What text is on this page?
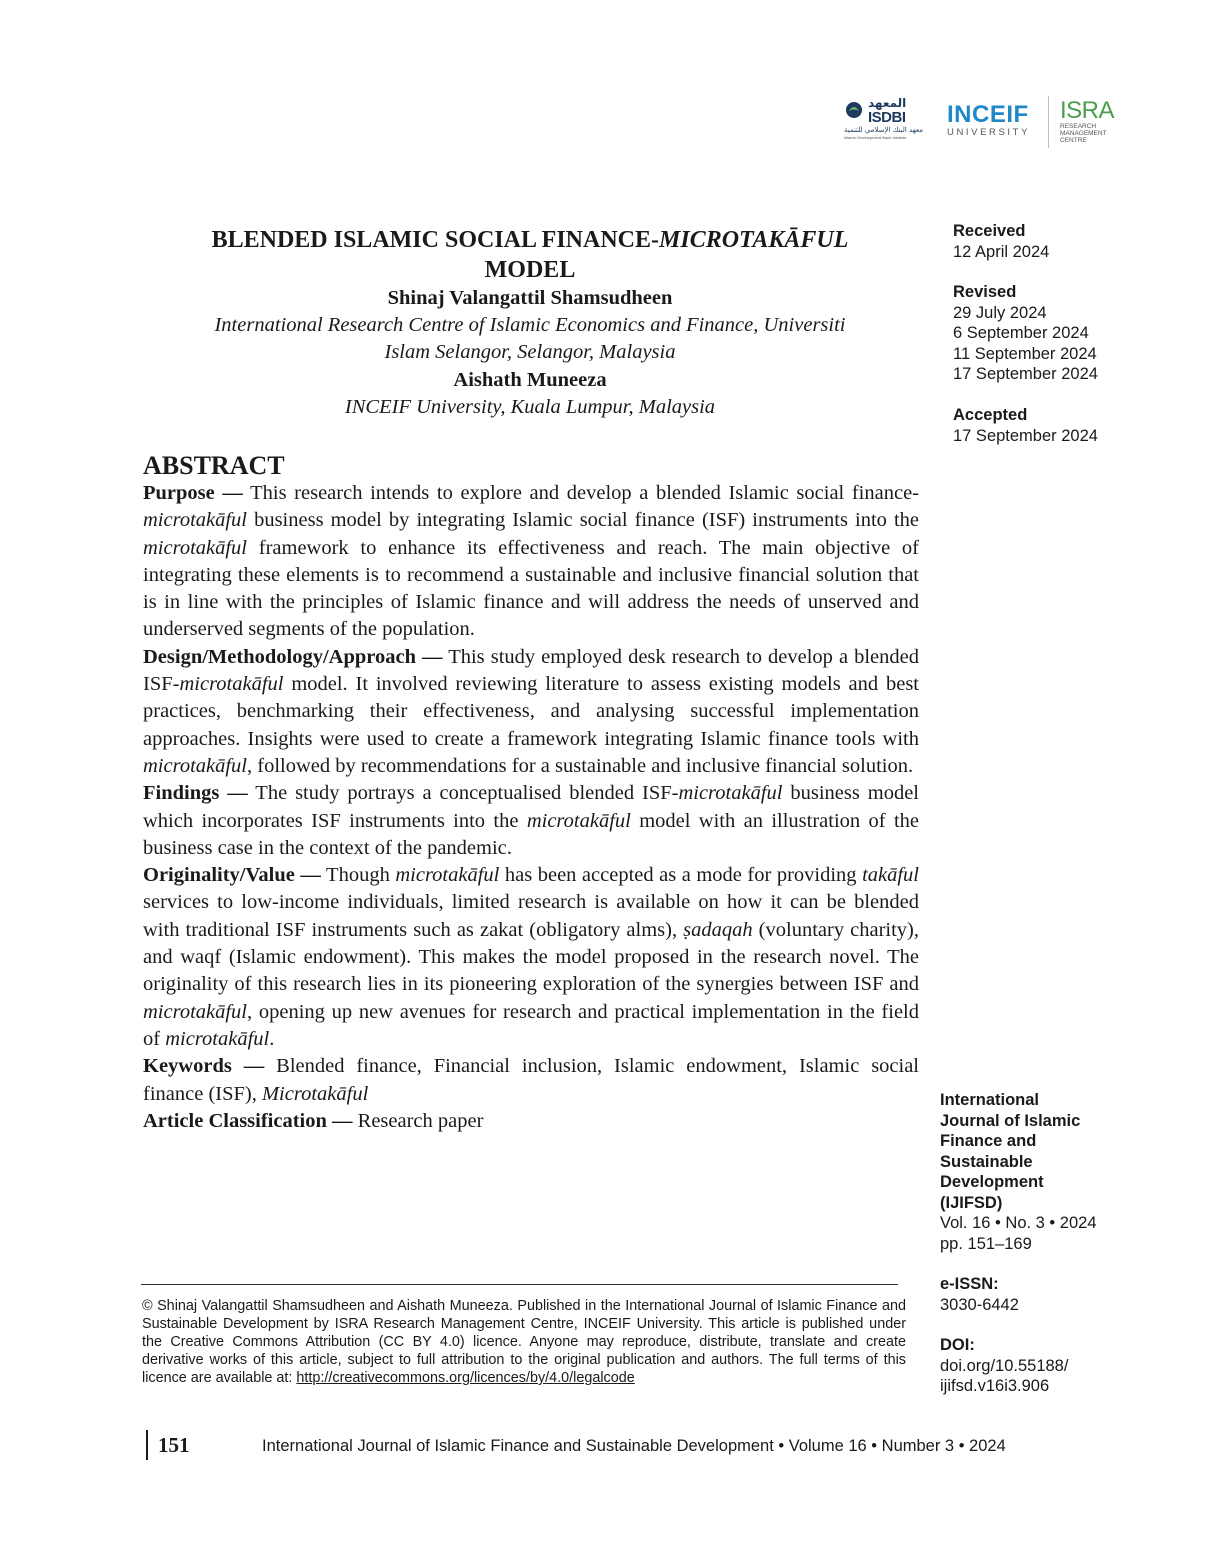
المعهد
ISDBI
معهد البنك الإسلامي للتنمية
Islamic Development Bank Institute
INCEIF
UNIVERSITY
ISRA
RESEARCH
MANAGEMENT
CENTRE
BLENDED ISLAMIC SOCIAL FINANCE-MICROTAKĀFUL
MODEL
Shinaj Valangattil Shamsudheen
International Research Centre of Islamic Economics and Finance, Universiti
Islam Selangor, Selangor, Malaysia
Aishath Muneeza
INCEIF University, Kuala Lumpur, Malaysia
Received
12 April 2024
Revised
29 July 2024
6 September 2024
11 September 2024
17 September 2024
Accepted
17 September 2024
ABSTRACT

Purpose — This research intends to explore and develop a blended Islamic social finance-microtakāful business model by integrating Islamic social finance (ISF) instruments into the microtakāful framework to enhance its effectiveness and reach. The main objective of integrating these elements is to recommend a sustainable and inclusive financial solution that is in line with the principles of Islamic finance and will address the needs of unserved and underserved segments of the population.

Design/Methodology/Approach — This study employed desk research to develop a blended ISF-microtakāful model. It involved reviewing literature to assess existing models and best practices, benchmarking their effectiveness, and analysing successful implementation approaches. Insights were used to create a framework integrating Islamic finance tools with microtakāful, followed by recommendations for a sustainable and inclusive financial solution.

Findings — The study portrays a conceptualised blended ISF-microtakāful business model which incorporates ISF instruments into the microtakāful model with an illustration of the business case in the context of the pandemic.

Originality/Value — Though microtakāful has been accepted as a mode for providing takāful services to low-income individuals, limited research is available on how it can be blended with traditional ISF instruments such as zakat (obligatory alms), ṣadaqah (voluntary charity), and waqf (Islamic endowment). This makes the model proposed in the research novel. The originality of this research lies in its pioneering exploration of the synergies between ISF and microtakāful, opening up new avenues for research and practical implementation in the field of microtakāful.

Keywords — Blended finance, Financial inclusion, Islamic endowment, Islamic social finance (ISF), Microtakāful

Article Classification — Research paper

International
Journal of Islamic
Finance and
Sustainable
Development
(IJIFSD)
Vol. 16 • No. 3 • 2024
pp. 151–169
e-ISSN:
3030-6442
DOI:
doi.org/10.55188/
ijifsd.v16i3.906
© Shinaj Valangattil Shamsudheen and Aishath Muneeza. Published in the International Journal of Islamic Finance and Sustainable Development by ISRA Research Management Centre, INCEIF University. This article is published under the Creative Commons Attribution (CC BY 4.0) licence. Anyone may reproduce, distribute, translate and create derivative works of this article, subject to full attribution to the original publication and authors. The full terms of this licence are available at: http://creativecommons.org/licences/by/4.0/legalcode
151	International Journal of Islamic Finance and Sustainable Development • Volume 16 • Number 3 • 2024
